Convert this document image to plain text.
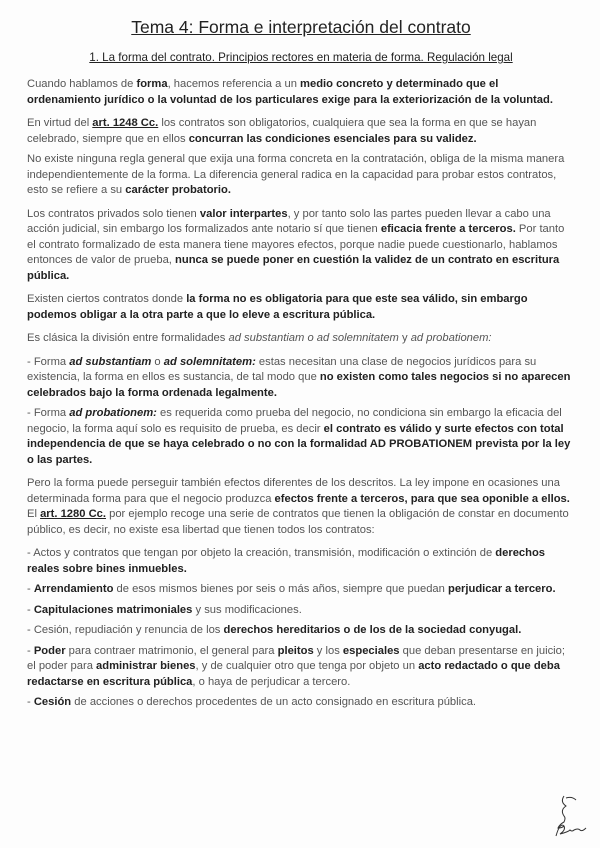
Tema 4: Forma e interpretación del contrato
1. La forma del contrato. Principios rectores en materia de forma. Regulación legal

Cuando hablamos de forma, hacemos referencia a un medio concreto y determinado que el ordenamiento jurídico o la voluntad de los particulares exige para la exteriorización de la voluntad.

En virtud del art. 1248 Cc. los contratos son obligatorios, cualquiera que sea la forma en que se hayan celebrado, siempre que en ellos concurran las condiciones esenciales para su validez.

No existe ninguna regla general que exija una forma concreta en la contratación, obliga de la misma manera independientemente de la forma. La diferencia general radica en la capacidad para probar estos contratos, esto se refiere a su carácter probatorio.

Los contratos privados solo tienen valor interpartes, y por tanto solo las partes pueden llevar a cabo una acción judicial, sin embargo los formalizados ante notario sí que tienen eficacia frente a terceros. Por tanto el contrato formalizado de esta manera tiene mayores efectos, porque nadie puede cuestionarlo, hablamos entonces de valor de prueba, nunca se puede poner en cuestión la validez de un contrato en escritura pública.

Existen ciertos contratos donde la forma no es obligatoria para que este sea válido, sin embargo podemos obligar a la otra parte a que lo eleve a escritura pública.

Es clásica la división entre formalidades ad substantiam o ad solemnitatem y ad probationem:

- Forma ad substantiam o ad solemnitatem: estas necesitan una clase de negocios jurídicos para su existencia, la forma en ellos es sustancia, de tal modo que no existen como tales negocios si no aparecen celebrados bajo la forma ordenada legalmente.

- Forma ad probationem: es requerida como prueba del negocio, no condiciona sin embargo la eficacia del negocio, la forma aquí solo es requisito de prueba, es decir el contrato es válido y surte efectos con total independencia de que se haya celebrado o no con la formalidad AD PROBATIONEM prevista por la ley o las partes.

Pero la forma puede perseguir también efectos diferentes de los descritos. La ley impone en ocasiones una determinada forma para que el negocio produzca efectos frente a terceros, para que sea oponible a ellos. El art. 1280 Cc. por ejemplo recoge una serie de contratos que tienen la obligación de constar en documento público, es decir, no existe esa libertad que tienen todos los contratos:

- Actos y contratos que tengan por objeto la creación, transmisión, modificación o extinción de derechos reales sobre bines inmuebles.

- Arrendamiento de esos mismos bienes por seis o más años, siempre que puedan perjudicar a tercero.

- Capitulaciones matrimoniales y sus modificaciones.

- Cesión, repudiación y renuncia de los derechos hereditarios o de los de la sociedad conyugal.

- Poder para contraer matrimonio, el general para pleitos y los especiales que deban presentarse en juicio; el poder para administrar bienes, y de cualquier otro que tenga por objeto un acto redactado o que deba redactarse en escritura pública, o haya de perjudicar a tercero.

- Cesión de acciones o derechos procedentes de un acto consignado en escritura pública.
